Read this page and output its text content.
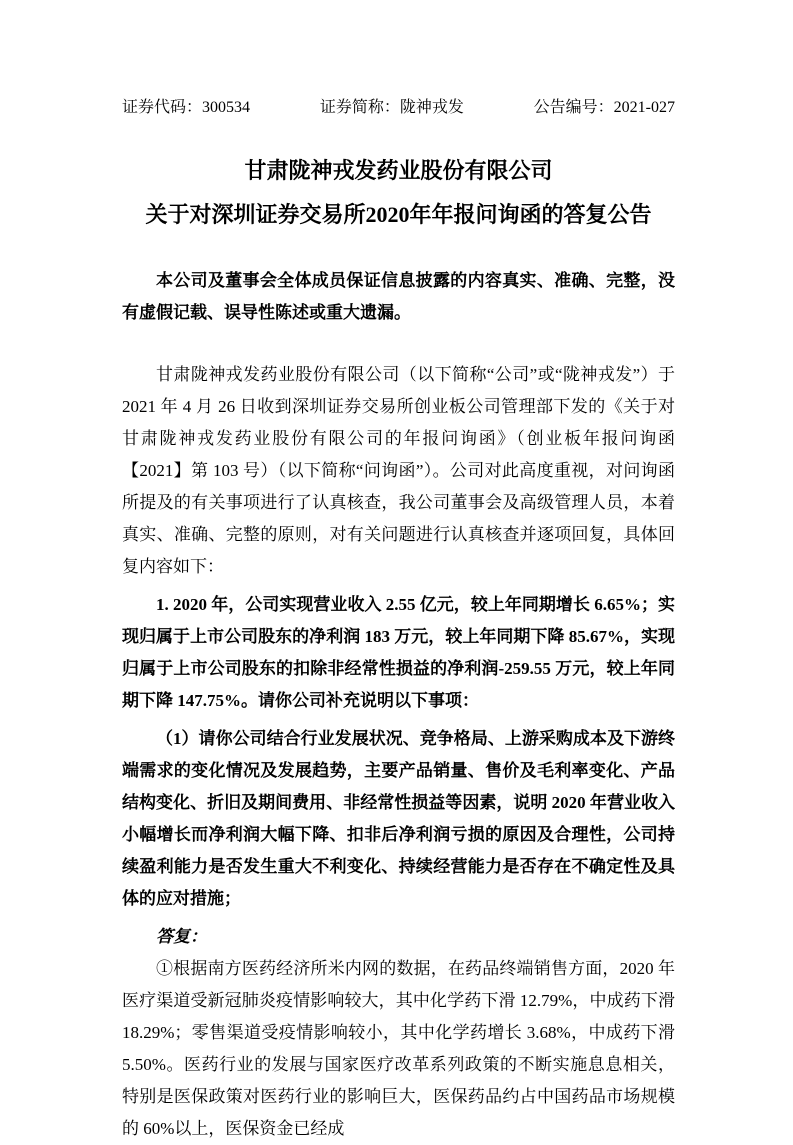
证券代码：300534	证券简称：陇神戎发	公告编号：2021-027
甘肃陇神戎发药业股份有限公司
关于对深圳证券交易所2020年年报问询函的答复公告
本公司及董事会全体成员保证信息披露的内容真实、准确、完整，没有虚假记载、误导性陈述或重大遗漏。

甘肃陇神戎发药业股份有限公司（以下简称“公司”或“陇神戎发”）于2021 年 4 月 26 日收到深圳证券交易所创业板公司管理部下发的《关于对甘肃陇神戎发药业股份有限公司的年报问询函》（创业板年报问询函【2021】第 103 号）（以下简称“问询函”）。公司对此高度重视，对问询函所提及的有关事项进行了认真核查，我公司董事会及高级管理人员，本着真实、准确、完整的原则，对有关问题进行认真核查并逐项回复，具体回复内容如下：

1. 2020 年，公司实现营业收入 2.55 亿元，较上年同期增长 6.65%；实现归属于上市公司股东的净利润 183 万元，较上年同期下降 85.67%，实现归属于上市公司股东的扣除非经常性损益的净利润-259.55 万元，较上年同期下降 147.75%。请你公司补充说明以下事项：

（1）请你公司结合行业发展状况、竞争格局、上游采购成本及下游终端需求的变化情况及发展趋势，主要产品销量、售价及毛利率变化、产品结构变化、折旧及期间费用、非经常性损益等因素，说明 2020 年营业收入小幅增长而净利润大幅下降、扣非后净利润亏损的原因及合理性，公司持续盈利能力是否发生重大不利变化、持续经营能力是否存在不确定性及具体的应对措施；

答复：

①根据南方医药经济所米内网的数据，在药品终端销售方面，2020 年医疗渠道受新冠肺炎疫情影响较大，其中化学药下滑 12.79%，中成药下滑 18.29%；零售渠道受疫情影响较小，其中化学药增长 3.68%，中成药下滑 5.50%。医药行业的发展与国家医疗改革系列政策的不断实施息息相关，特别是医保政策对医药行业的影响巨大，医保药品约占中国药品市场规模的 60%以上，医保资金已经成
